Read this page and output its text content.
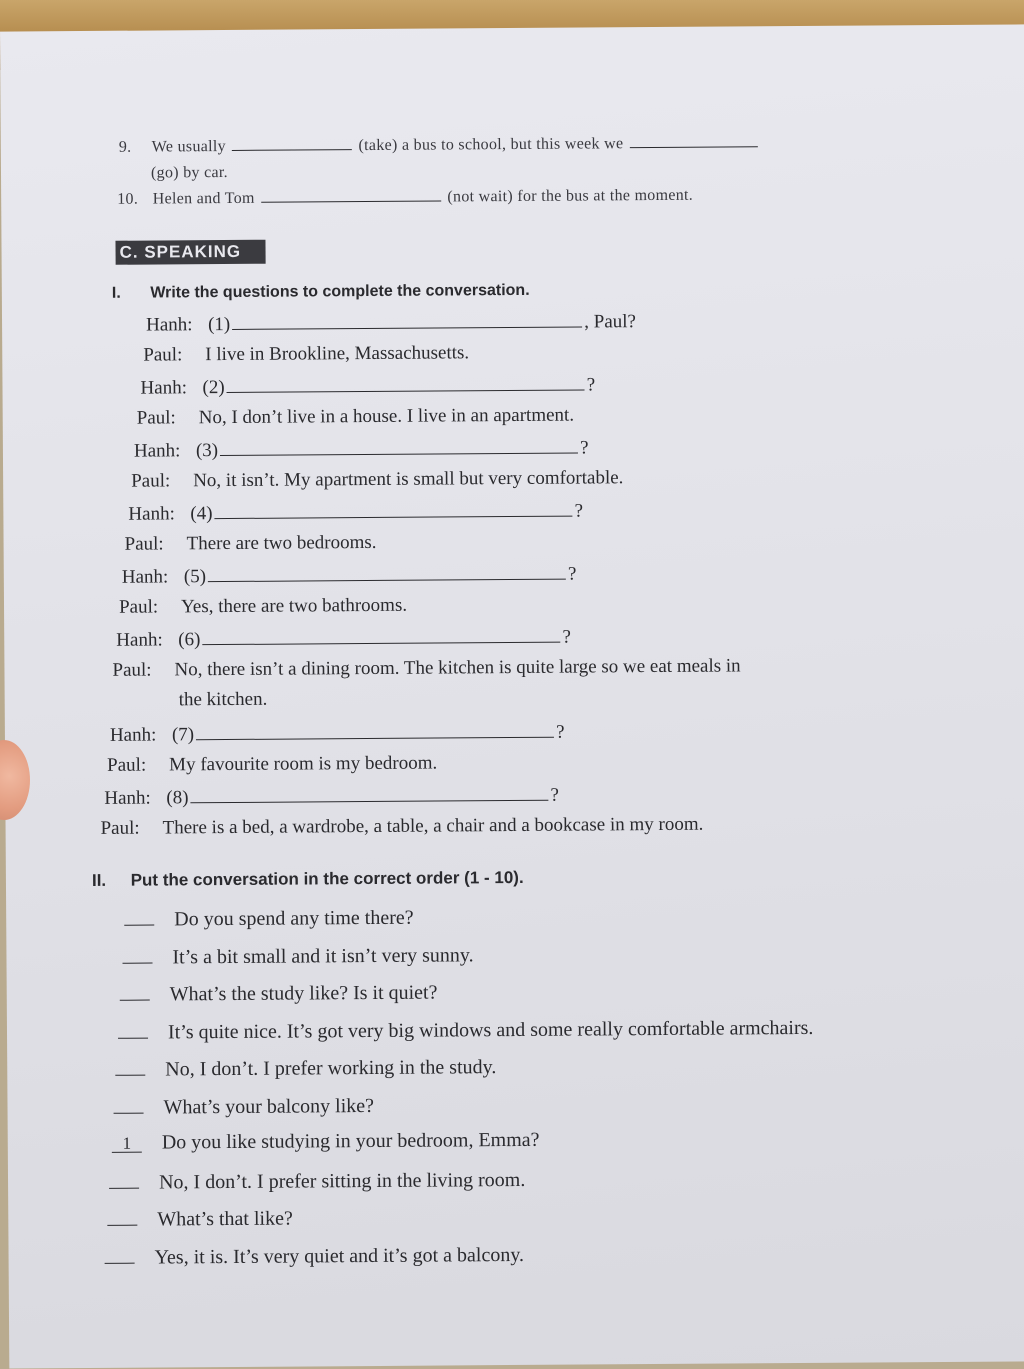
9. We usually	(take) a bus to school, but this week we
(go) by car.
10. Helen and Tom	(not wait) for the bus at the moment.
C. SPEAKING
I. Write the questions to complete the conversation.
Hanh: (1)	, Paul?
Paul: I live in Brookline, Massachusetts.
Hanh: (2)	?
Paul: No, I don’t live in a house. I live in an apartment.
Hanh: (3)	?
Paul: No, it isn’t. My apartment is small but very comfortable.
Hanh: (4)	?
Paul: There are two bedrooms.
Hanh: (5)	?
Paul: Yes, there are two bathrooms.
Hanh: (6)	?
Paul: No, there isn’t a dining room. The kitchen is quite large so we eat meals in
the kitchen.
Hanh: (7)	?
Paul: My favourite room is my bedroom.
Hanh: (8)	?
Paul: There is a bed, a wardrobe, a table, a chair and a bookcase in my room.
II. Put the conversation in the correct order (1 - 10).
Do you spend any time there?
It’s a bit small and it isn’t very sunny.
What’s the study like? Is it quiet?
It’s quite nice. It’s got very big windows and some really comfortable armchairs.
No, I don’t. I prefer working in the study.
What’s your balcony like?
1 Do you like studying in your bedroom, Emma?
No, I don’t. I prefer sitting in the living room.
What’s that like?
Yes, it is. It’s very quiet and it’s got a balcony.
